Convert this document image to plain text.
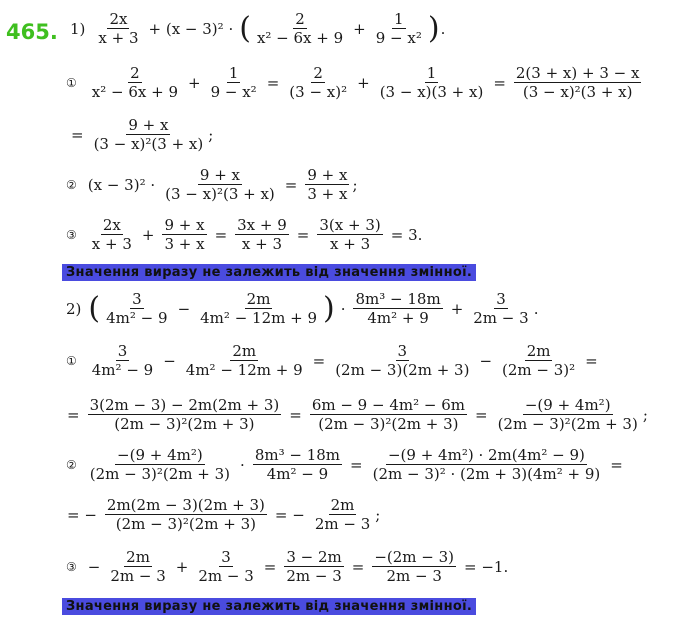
465. $1) \frac{2x}{x + 3} + (x - 3)^2$ · ( $\frac{2}{\text{x² − 6x + 9}} + \frac{1}{\text{9 − x²}}$ ) .
① $\frac{2}{\text{x² − 6x + 9}} + \frac{1}{\text{9 − x²}} = \frac{2}{\text{(3 − x)²}} + \frac{1}{(3 - x)(3 + x)} = \frac{2(3 + x) + 3 - x}{\text{(3 − x)²(3 + x)}}$
= $\frac{9 + x}{\text{(3 − x)²(3 + x)}}$ ;
② $(x - 3)^2 \cdot \frac{9 + x}{\text{(3 − x)²(3 + x)}} = \frac{9 + x}{3 + x}$ ;
③ $\frac{2x}{x + 3} + \frac{9 + x}{3 + x} = \frac{3x + 9}{x + 3} = \frac{3(x + 3)}{x + 3} = 3$.
Значення виразу не залежить від значення змінної.
2) ( $\frac{3}{\text{4m² − 9}} - \frac{2m}{\text{4m² − 12m + 9}}$ ) · $\frac{\text{8m³ − 18m}}{\text{4m² + 9}} + \frac{3}{2m - 3}$ .
① $\frac{3}{\text{4m² − 9}} - \frac{2m}{\text{4m² − 12m + 9}} = \frac{3}{(2m - 3)(2m + 3)} - \frac{2m}{\text{(2m − 3)²}}$ =
= $\frac{3(2m - 3) - 2m(2m + 3)}{\text{(2m − 3)²(2m + 3)}} = \frac{\text{6m − 9 − 4m² − 6m}}{\text{(2m − 3)²(2m + 3)}} = \frac{\text{−(9 + 4m²)}}{\text{(2m − 3)²(2m + 3)}}$ ;
② $\frac{\text{−(9 + 4m²)}}{\text{(2m − 3)²(2m + 3)}} \cdot \frac{\text{8m³ − 18m}}{\text{4m² − 9}} = \frac{\text{−(9 + 4m²) · 2m(4m² − 9)}}{\text{(2m − 3)² · (2m + 3)(4m² + 9)}}$ =
= − $\frac{2m(2m - 3)(2m + 3)}{\text{(2m − 3)²(2m + 3)}}$ = − $\frac{2m}{2m - 3}$ ;
③ − $\frac{2m}{2m - 3} + \frac{3}{2m - 3} = \frac{3 - 2m}{2m - 3} = \frac{-(2m - 3)}{2m - 3} = -1$.
Значення виразу не залежить від значення змінної.
